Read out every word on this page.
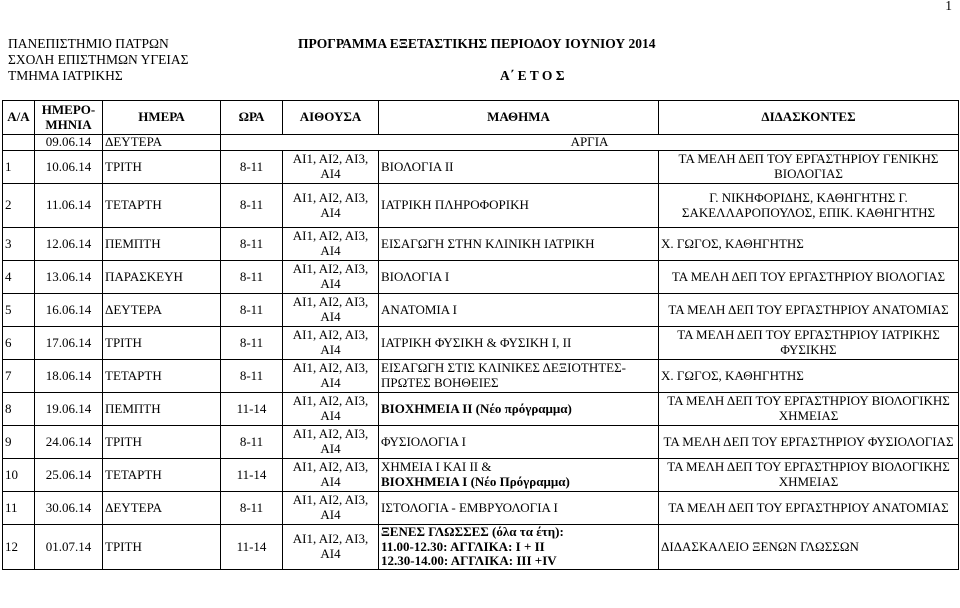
1
ΠΑΝΕΠΙΣΤΗΜΙΟ ΠΑΤΡΩΝ
ΣΧΟΛΗ ΕΠΙΣΤΗΜΩΝ ΥΓΕΙΑΣ
ΤΜΗΜΑ ΙΑΤΡΙΚΗΣ
ΠΡΟΓΡΑΜΜΑ ΕΞΕΤΑΣΤΙΚΗΣ ΠΕΡΙΟΔΟΥ ΙΟΥΝΙΟΥ 2014
Α΄ Ε Τ Ο Σ
Α/Α	ΗΜΕΡΟ-ΜΗΝΙΑ	ΗΜΕΡΑ	ΩΡΑ	ΑΙΘΟΥΣΑ	ΜΑΘΗΜΑ	ΔΙΔΑΣΚΟΝΤΕΣ
	09.06.14	ΔΕΥΤΕΡΑ	ΑΡΓΙΑ			
1	10.06.14	ΤΡΙΤΗ	8-11	ΑΙ1, ΑΙ2, ΑΙ3, ΑΙ4	ΒΙΟΛΟΓΙΑ ΙΙ	ΤΑ ΜΕΛΗ ΔΕΠ ΤΟΥ ΕΡΓΑΣΤΗΡΙΟΥ ΓΕΝΙΚΗΣ ΒΙΟΛΟΓΙΑΣ
2	11.06.14	ΤΕΤΑΡΤΗ	8-11	ΑΙ1, ΑΙ2, ΑΙ3, ΑΙ4	ΙΑΤΡΙΚΗ ΠΛΗΡΟΦΟΡΙΚΗ	Γ. ΝΙΚΗΦΟΡΙΔΗΣ, ΚΑΘΗΓΗΤΗΣ Γ. ΣΑΚΕΛΛΑΡΟΠΟΥΛΟΣ, ΕΠΙΚ. ΚΑΘΗΓΗΤΗΣ
3	12.06.14	ΠΕΜΠΤΗ	8-11	ΑΙ1, ΑΙ2, ΑΙ3, ΑΙ4	ΕΙΣΑΓΩΓΗ ΣΤΗΝ ΚΛΙΝΙΚΗ ΙΑΤΡΙΚΗ	Χ. ΓΩΓΟΣ, ΚΑΘΗΓΗΤΗΣ
4	13.06.14	ΠΑΡΑΣΚΕΥΗ	8-11	ΑΙ1, ΑΙ2, ΑΙ3, ΑΙ4	ΒΙΟΛΟΓΙΑ Ι	ΤΑ ΜΕΛΗ ΔΕΠ ΤΟΥ ΕΡΓΑΣΤΗΡΙΟΥ ΒΙΟΛΟΓΙΑΣ
5	16.06.14	ΔΕΥΤΕΡΑ	8-11	ΑΙ1, ΑΙ2, ΑΙ3, ΑΙ4	ΑΝΑΤΟΜΙΑ Ι	ΤΑ ΜΕΛΗ ΔΕΠ ΤΟΥ ΕΡΓΑΣΤΗΡΙΟΥ ΑΝΑΤΟΜΙΑΣ
6	17.06.14	ΤΡΙΤΗ	8-11	ΑΙ1, ΑΙ2, ΑΙ3, ΑΙ4	ΙΑΤΡΙΚΗ ΦΥΣΙΚΗ & ΦΥΣΙΚΗ Ι, ΙΙ	ΤΑ ΜΕΛΗ ΔΕΠ ΤΟΥ ΕΡΓΑΣΤΗΡΙΟΥ ΙΑΤΡΙΚΗΣ ΦΥΣΙΚΗΣ
7	18.06.14	ΤΕΤΑΡΤΗ	8-11	ΑΙ1, ΑΙ2, ΑΙ3, ΑΙ4	ΕΙΣΑΓΩΓΗ ΣΤΙΣ ΚΛΙΝΙΚΕΣ ΔΕΞΙΟΤΗΤΕΣ-ΠΡΩΤΕΣ ΒΟΗΘΕΙΕΣ	Χ. ΓΩΓΟΣ, ΚΑΘΗΓΗΤΗΣ
8	19.06.14	ΠΕΜΠΤΗ	11-14	ΑΙ1, ΑΙ2, ΑΙ3, ΑΙ4	ΒΙΟΧΗΜΕΙΑ ΙΙ (Νέο πρόγραμμα)	ΤΑ ΜΕΛΗ ΔΕΠ ΤΟΥ ΕΡΓΑΣΤΗΡΙΟΥ ΒΙΟΛΟΓΙΚΗΣ ΧΗΜΕΙΑΣ
9	24.06.14	ΤΡΙΤΗ	8-11	ΑΙ1, ΑΙ2, ΑΙ3, ΑΙ4	ΦΥΣΙΟΛΟΓΙΑ Ι	ΤΑ ΜΕΛΗ ΔΕΠ ΤΟΥ ΕΡΓΑΣΤΗΡΙΟΥ ΦΥΣΙΟΛΟΓΙΑΣ
10	25.06.14	ΤΕΤΑΡΤΗ	11-14	ΑΙ1, ΑΙ2, ΑΙ3, ΑΙ4	ΧΗΜΕΙΑ Ι ΚΑΙ ΙΙ &
ΒΙΟΧΗΜΕΙΑ Ι (Νέο Πρόγραμμα)	ΤΑ ΜΕΛΗ ΔΕΠ ΤΟΥ ΕΡΓΑΣΤΗΡΙΟΥ ΒΙΟΛΟΓΙΚΗΣ ΧΗΜΕΙΑΣ
11	30.06.14	ΔΕΥΤΕΡΑ	8-11	ΑΙ1, ΑΙ2, ΑΙ3, ΑΙ4	ΙΣΤΟΛΟΓΙΑ - ΕΜΒΡΥΟΛΟΓΙΑ Ι	ΤΑ ΜΕΛΗ ΔΕΠ ΤΟΥ ΕΡΓΑΣΤΗΡΙΟΥ ΑΝΑΤΟΜΙΑΣ
12	01.07.14	ΤΡΙΤΗ	11-14	ΑΙ1, ΑΙ2, ΑΙ3, ΑΙ4	ΞΕΝΕΣ ΓΛΩΣΣΕΣ (όλα τα έτη):
11.00-12.30: ΑΓΓΛΙΚΑ: Ι + ΙΙ
12.30-14.00: ΑΓΓΛΙΚΑ: ΙΙΙ +ΙV	ΔΙΔΑΣΚΑΛΕΙΟ ΞΕΝΩΝ ΓΛΩΣΣΩΝ
